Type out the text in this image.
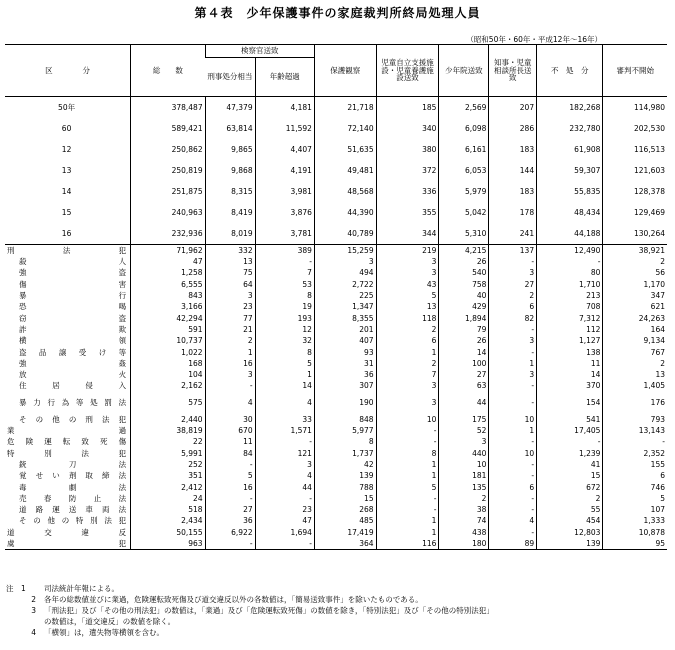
第４表　少年保護事件の家庭裁判所終局処理人員
（昭和50年・60年・平成12年～16年）
区　　　　分	総　　数	検察官送致		保護観察	児童自立支援施設・児童養護施設送致	少年院送致	知事・児童相談所長送致	不　処　分	審判不開始
		刑事処分相当	年齢超過						
50年	378,487	47,379	4,181	21,718	185	2,569	207	182,268	114,980
60	589,421	63,814	11,592	72,140	340	6,098	286	232,780	202,530
12	250,862	9,865	4,407	51,635	380	6,161	183	61,908	116,513
13	250,819	9,868	4,191	49,481	372	6,053	144	59,307	121,603
14	251,875	8,315	3,981	48,568	336	5,979	183	55,835	128,378
15	240,963	8,419	3,876	44,390	355	5,042	178	48,434	129,469
16	232,936	8,019	3,781	40,789	344	5,310	241	44,188	130,264
刑　法　犯	71,962	332	389	15,259	219	4,215	137	12,490	38,921
殺　人	47	13	-	3	3	26	-	-	2
強　盗	1,258	75	7	494	3	540	3	80	56
傷　害	6,555	64	53	2,722	43	758	27	1,710	1,170
暴　行	843	3	8	225	5	40	2	213	347
恐　喝	3,166	23	19	1,347	13	429	6	708	621
窃　盗	42,294	77	193	8,355	118	1,894	82	7,312	24,263
詐　欺	591	21	12	201	2	79	-	112	164
横　領	10,737	2	32	407	6	26	3	1,127	9,134
盗品譲受け等	1,022	1	8	93	1	14	-	138	767
強　姦	168	16	5	31	2	100	1	11	2
放　火	104	3	1	36	7	27	3	14	13
住　居　侵　入	2,162	-	14	307	3	63	-	370	1,405
暴力行為等処罰法	575	4	4	190	3	44	-	154	176
その他の刑法犯	2,440	30	33	848	10	175	10	541	793
業　過	38,819	670	1,571	5,977	-	52	1	17,405	13,143
危険運転致死傷	22	11	-	8	-	3	-	-	-
特　別　法　犯	5,991	84	121	1,737	8	440	10	1,239	2,352
銃　刀　法	252	-	3	42	1	10	-	41	155
覚せい剤取締法	351	5	4	139	1	181	-	15	6
毒　劇　法	2,412	16	44	788	5	135	6	672	746
売　春　防　止　法	24	-	-	15	-	2	-	2	5
道路運送車両法	518	27	23	268	-	38	-	55	107
その他の特別法犯	2,434	36	47	485	1	74	4	454	1,333
道　交　違　反	50,155	6,922	1,694	17,419	1	438	-	12,803	10,878
虞　　　犯	963	-	-	364	116	180	89	139	95
注　1	司法統計年報による。
2	各年の総数値並びに業過，危険運転致死傷及び道交違反以外の各数値は，「簡易送致事件」を除いたものである。
3	「刑法犯」及び「その他の刑法犯」の数値は，「業過」及び「危険運転致死傷」の数値を除き，「特別法犯」及び「その他の特別法犯」
の数値は，「道交違反」の数値を除く。
4	「横領」は，遺失物等横領を含む。
